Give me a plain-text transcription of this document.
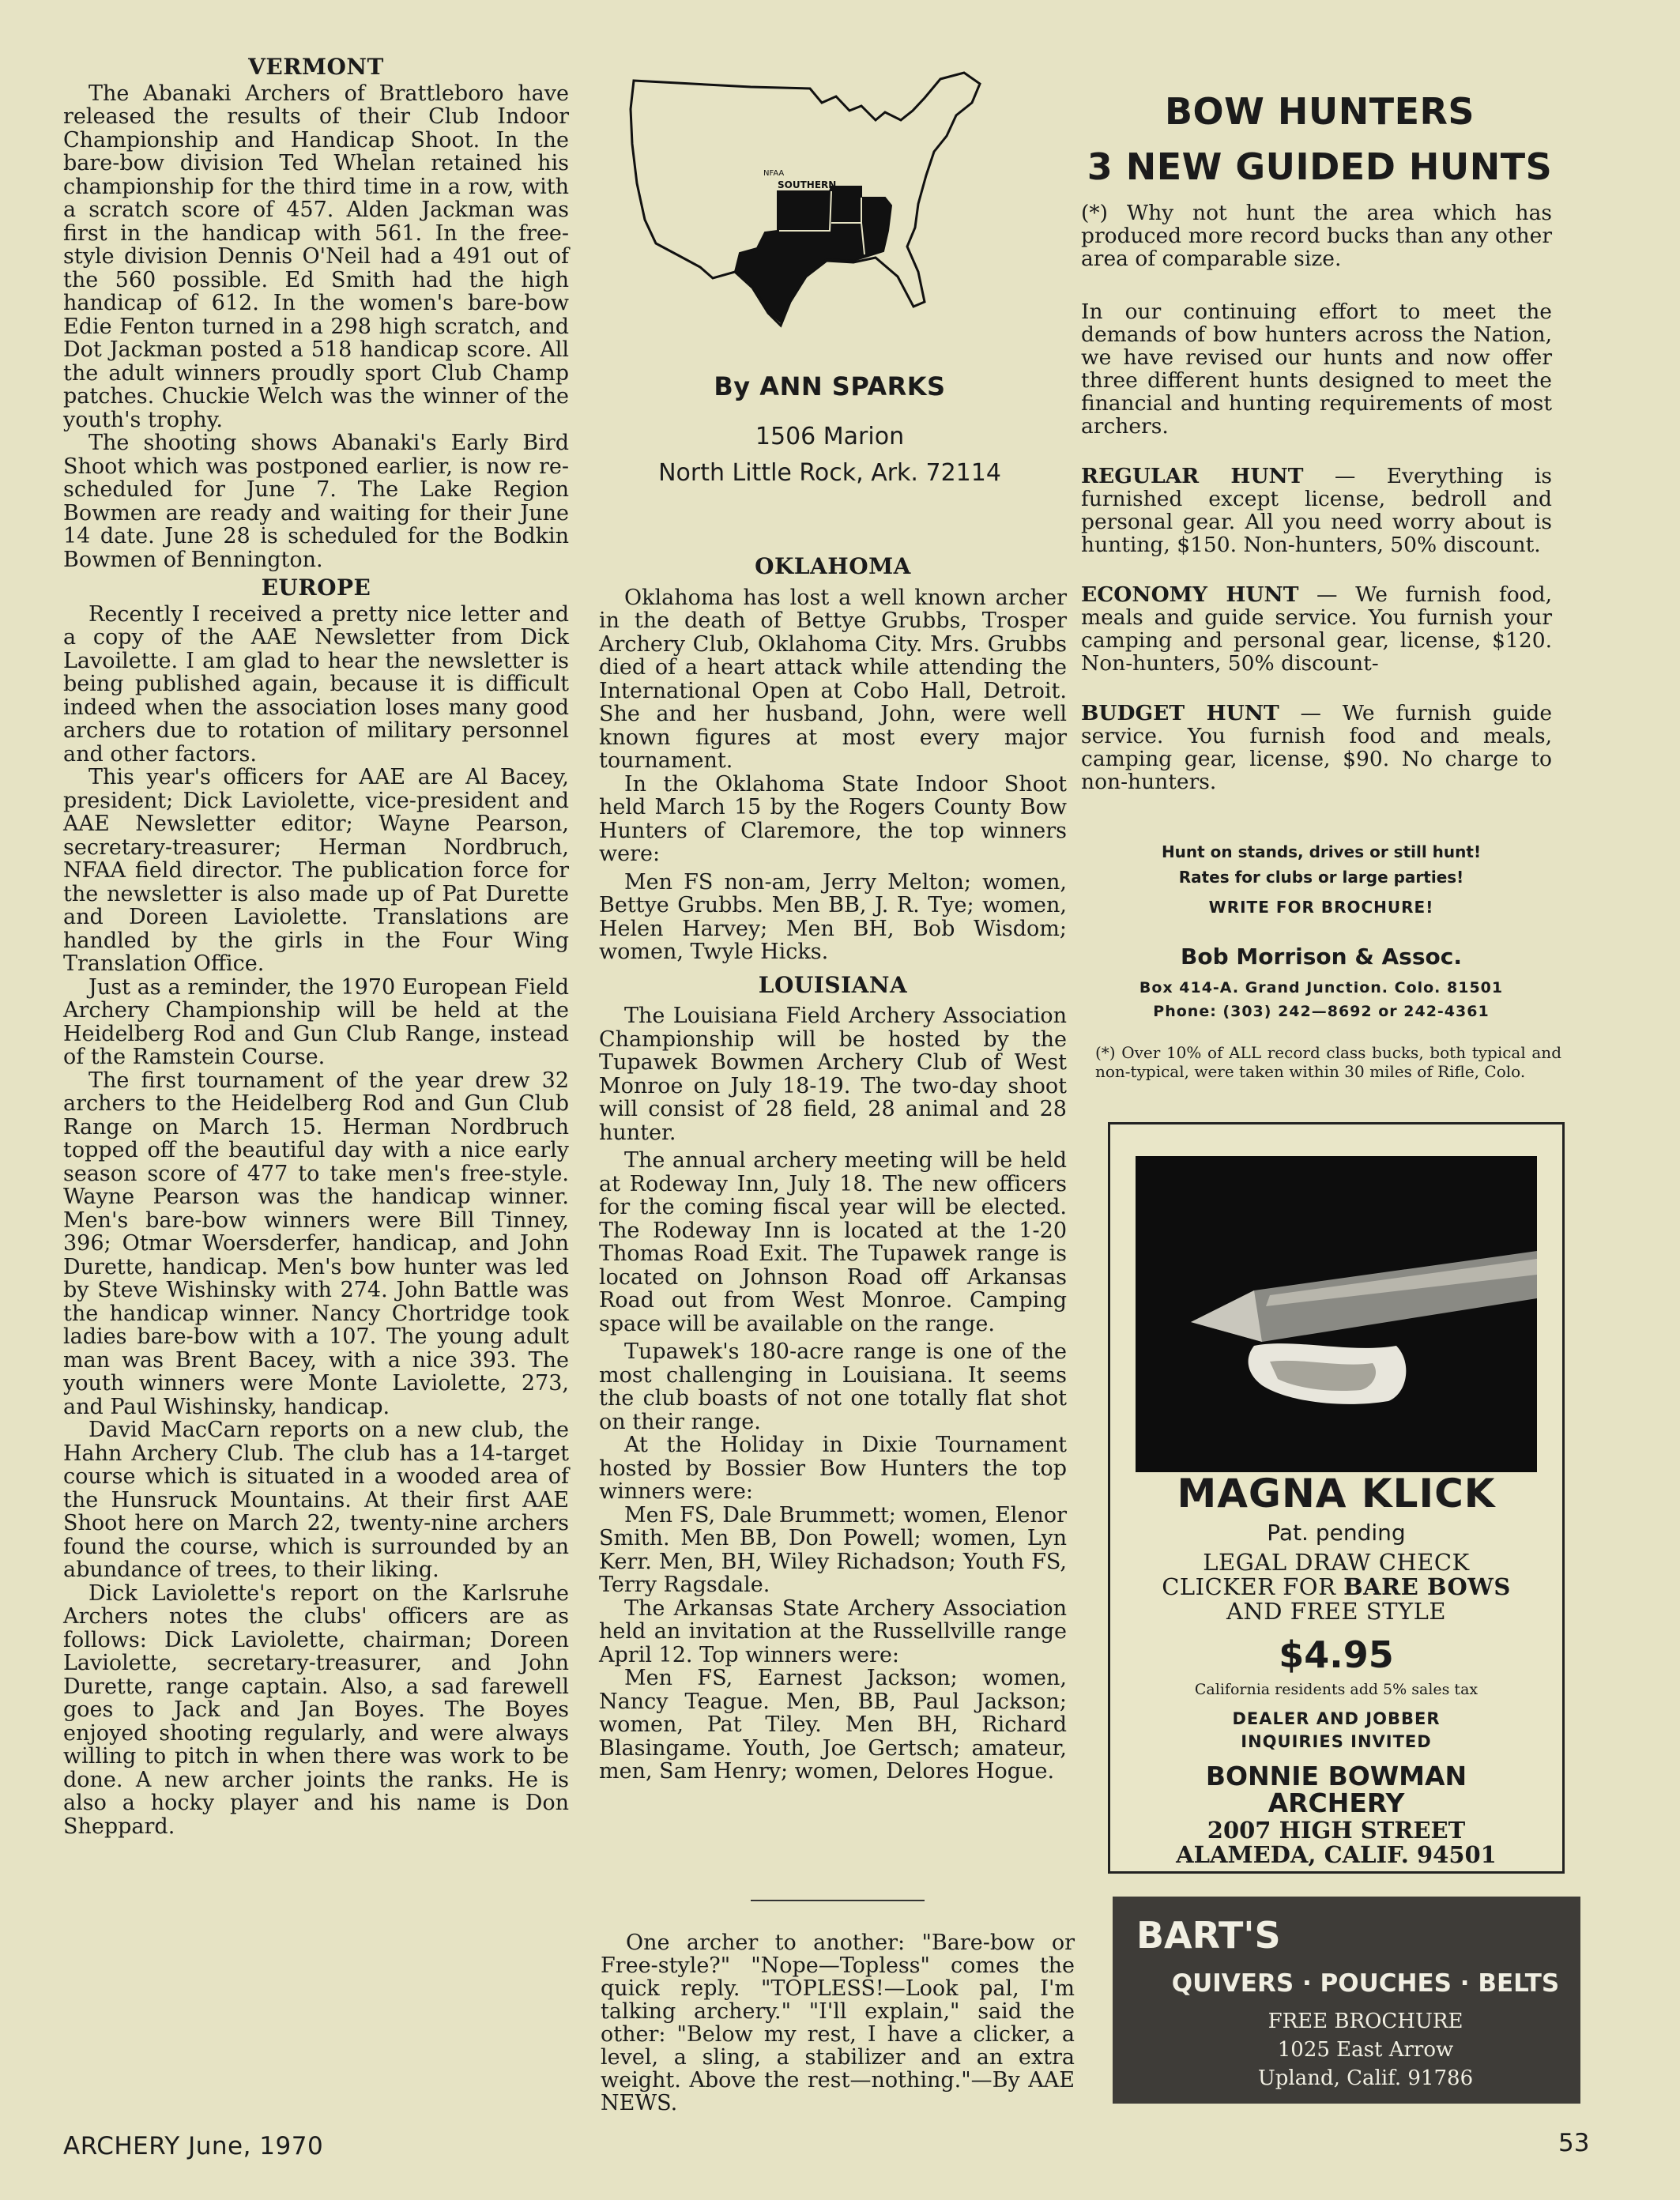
VERMONT

The Abanaki Archers of Brattleboro have released the results of their Club Indoor Championship and Handicap Shoot. In the bare-bow division Ted Whelan retained his championship for the third time in a row, with a scratch score of 457. Alden Jackman was first in the handicap with 561. In the free-style division Dennis O'Neil had a 491 out of the 560 possible. Ed Smith had the high handicap of 612. In the women's bare-bow Edie Fenton turned in a 298 high scratch, and Dot Jackman posted a 518 handicap score. All the adult winners proudly sport Club Champ patches. Chuckie Welch was the winner of the youth's trophy.

The shooting shows Abanaki's Early Bird Shoot which was postponed earlier, is now re-scheduled for June 7. The Lake Region Bowmen are ready and waiting for their June 14 date. June 28 is scheduled for the Bodkin Bowmen of Bennington.

EUROPE

Recently I received a pretty nice letter and a copy of the AAE Newsletter from Dick Lavoilette. I am glad to hear the newsletter is being published again, because it is difficult indeed when the association loses many good archers due to rotation of military personnel and other factors.

This year's officers for AAE are Al Bacey, president; Dick Laviolette, vice-president and AAE Newsletter editor; Wayne Pearson, secretary-treasurer; Herman Nordbruch, NFAA field director. The publication force for the newsletter is also made up of Pat Durette and Doreen Laviolette. Translations are handled by the girls in the Four Wing Translation Office.

Just as a reminder, the 1970 European Field Archery Championship will be held at the Heidelberg Rod and Gun Club Range, instead of the Ramstein Course.

The first tournament of the year drew 32 archers to the Heidelberg Rod and Gun Club Range on March 15. Herman Nordbruch topped off the beautiful day with a nice early season score of 477 to take men's free-style. Wayne Pearson was the handicap winner. Men's bare-bow winners were Bill Tinney, 396; Otmar Woersderfer, handicap, and John Durette, handicap. Men's bow hunter was led by Steve Wishinsky with 274. John Battle was the handicap winner. Nancy Chortridge took ladies bare-bow with a 107. The young adult man was Brent Bacey, with a nice 393. The youth winners were Monte Laviolette, 273, and Paul Wishinsky, handicap.

David MacCarn reports on a new club, the Hahn Archery Club. The club has a 14-target course which is situated in a wooded area of the Hunsruck Mountains. At their first AAE Shoot here on March 22, twenty-nine archers found the course, which is surrounded by an abundance of trees, to their liking.

Dick Laviolette's report on the Karlsruhe Archers notes the clubs' officers are as follows: Dick Laviolette, chairman; Doreen Laviolette, secretary-treasurer, and John Durette, range captain. Also, a sad farewell goes to Jack and Jan Boyes. The Boyes enjoyed shooting regularly, and were always willing to pitch in when there was work to be done. A new archer joints the ranks. He is also a hocky player and his name is Don Sheppard.

NFAA
SOUTHERN
By ANN SPARKS
1506 Marion
North Little Rock, Ark. 72114
OKLAHOMA

Oklahoma has lost a well known archer in the death of Bettye Grubbs, Trosper Archery Club, Oklahoma City. Mrs. Grubbs died of a heart attack while attending the International Open at Cobo Hall, Detroit. She and her husband, John, were well known figures at most every major tournament.

In the Oklahoma State Indoor Shoot held March 15 by the Rogers County Bow Hunters of Claremore, the top winners were:

Men FS non-am, Jerry Melton; women, Bettye Grubbs. Men BB, J. R. Tye; women, Helen Harvey; Men BH, Bob Wisdom; women, Twyle Hicks.

LOUISIANA

The Louisiana Field Archery Association Championship will be hosted by the Tupawek Bowmen Archery Club of West Monroe on July 18-19. The two-day shoot will consist of 28 field, 28 animal and 28 hunter.

The annual archery meeting will be held at Rodeway Inn, July 18. The new officers for the coming fiscal year will be elected. The Rodeway Inn is located at the 1-20 Thomas Road Exit. The Tupawek range is located on Johnson Road off Arkansas Road out from West Monroe. Camping space will be available on the range.

Tupawek's 180-acre range is one of the most challenging in Louisiana. It seems the club boasts of not one totally flat shot on their range.

At the Holiday in Dixie Tournament hosted by Bossier Bow Hunters the top winners were:

Men FS, Dale Brummett; women, Elenor Smith. Men BB, Don Powell; women, Lyn Kerr. Men, BH, Wiley Richadson; Youth FS, Terry Ragsdale.

The Arkansas State Archery Association held an invitation at the Russellville range April 12. Top winners were:

Men FS, Earnest Jackson; women, Nancy Teague. Men, BB, Paul Jackson; women, Pat Tiley. Men BH, Richard Blasingame. Youth, Joe Gertsch; amateur, men, Sam Henry; women, Delores Hogue.

One archer to another: "Bare-bow or Free-style?" "Nope—Topless" comes the quick reply. "TOPLESS!—Look pal, I'm talking archery." "I'll explain," said the other: "Below my rest, I have a clicker, a level, a sling, a stabilizer and an extra weight. Above the rest—nothing."—By AAE NEWS.
BOW HUNTERS
3 NEW GUIDED HUNTS

(*) Why not hunt the area which has produced more record bucks than any other area of comparable size.

In our continuing effort to meet the demands of bow hunters across the Nation, we have revised our hunts and now offer three different hunts designed to meet the financial and hunting requirements of most archers.

REGULAR HUNT — Everything is furnished except license, bedroll and personal gear. All you need worry about is hunting, $150. Non-hunters, 50% discount.

ECONOMY HUNT — We furnish food, meals and guide service. You furnish your camping and personal gear, license, $120. Non-hunters, 50% discount-

BUDGET HUNT — We furnish guide service. You furnish food and meals, camping gear, license, $90. No charge to non-hunters.

Hunt on stands, drives or still hunt!
Rates for clubs or large parties!
WRITE FOR BROCHURE!
Bob Morrison & Assoc.
Box 414-A. Grand Junction. Colo. 81501
Phone: (303) 242—8692 or 242-4361
(*) Over 10% of ALL record class bucks, both typical and non-typical, were taken within 30 miles of Rifle, Colo.
MAGNA KLICK
Pat. pending
LEGAL DRAW CHECK
CLICKER FOR BARE BOWS
AND FREE STYLE
$4.95
California residents add 5% sales tax
DEALER AND JOBBER
INQUIRIES INVITED
BONNIE BOWMAN
ARCHERY
2007 HIGH STREET
ALAMEDA, CALIF. 94501
BART'S
QUIVERS · POUCHES · BELTS
FREE BROCHURE
1025 East Arrow
Upland, Calif. 91786
ARCHERY June, 1970	53
